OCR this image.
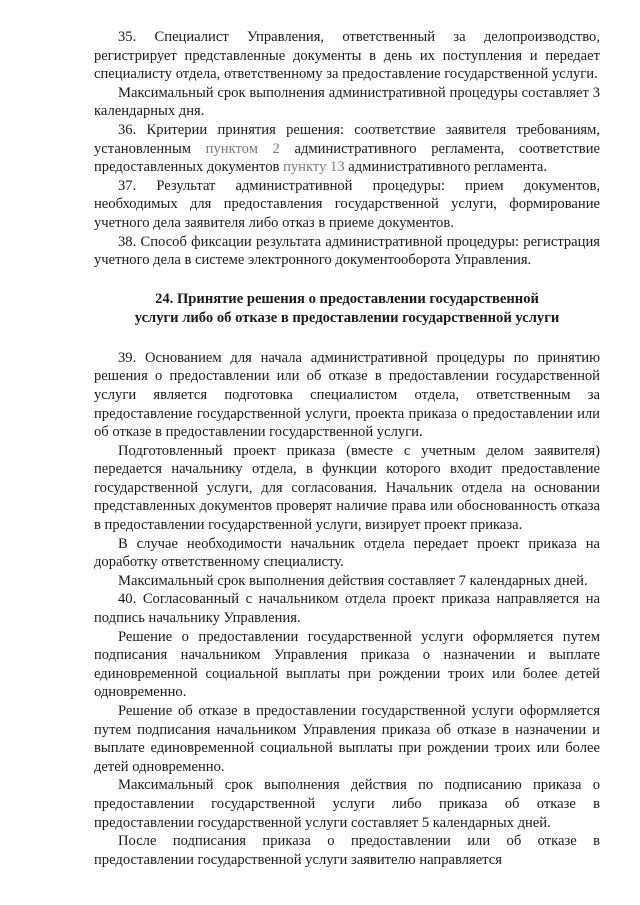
35. Специалист Управления, ответственный за делопроизводство, регистрирует представленные документы в день их поступления и передает специалисту отдела, ответственному за предоставление государственной услуги.

Максимальный срок выполнения административной процедуры составляет 3 календарных дня.

36. Критерии принятия решения: соответствие заявителя требованиям, установленным пунктом 2 административного регламента, соответствие предоставленных документов пункту 13 административного регламента.

37. Результат административной процедуры: прием документов, необходимых для предоставления государственной услуги, формирование учетного дела заявителя либо отказ в приеме документов.

38. Способ фиксации результата административной процедуры: регистрация учетного дела в системе электронного документооборота Управления.

24. Принятие решения о предоставлении государственной
услуги либо об отказе в предоставлении государственной услуги

39. Основанием для начала административной процедуры по принятию решения о предоставлении или об отказе в предоставлении государственной услуги является подготовка специалистом отдела, ответственным за предоставление государственной услуги, проекта приказа о предоставлении или об отказе в предоставлении государственной услуги.

Подготовленный проект приказа (вместе с учетным делом заявителя) передается начальнику отдела, в функции которого входит предоставление государственной услуги, для согласования. Начальник отдела на основании представленных документов проверят наличие права или обоснованность отказа в предоставлении государственной услуги, визирует проект приказа.

В случае необходимости начальник отдела передает проект приказа на доработку ответственному специалисту.

Максимальный срок выполнения действия составляет 7 календарных дней.

40. Согласованный с начальником отдела проект приказа направляется на подпись начальнику Управления.

Решение о предоставлении государственной услуги оформляется путем подписания начальником Управления приказа о назначении и выплате единовременной социальной выплаты при рождении троих или более детей одновременно.

Решение об отказе в предоставлении государственной услуги оформляется путем подписания начальником Управления приказа об отказе в назначении и выплате единовременной социальной выплаты при рождении троих или более детей одновременно.

Максимальный срок выполнения действия по подписанию приказа о предоставлении государственной услуги либо приказа об отказе в предоставлении государственной услуги составляет 5 календарных дней.

После подписания приказа о предоставлении или об отказе в предоставлении государственной услуги заявителю направляется
